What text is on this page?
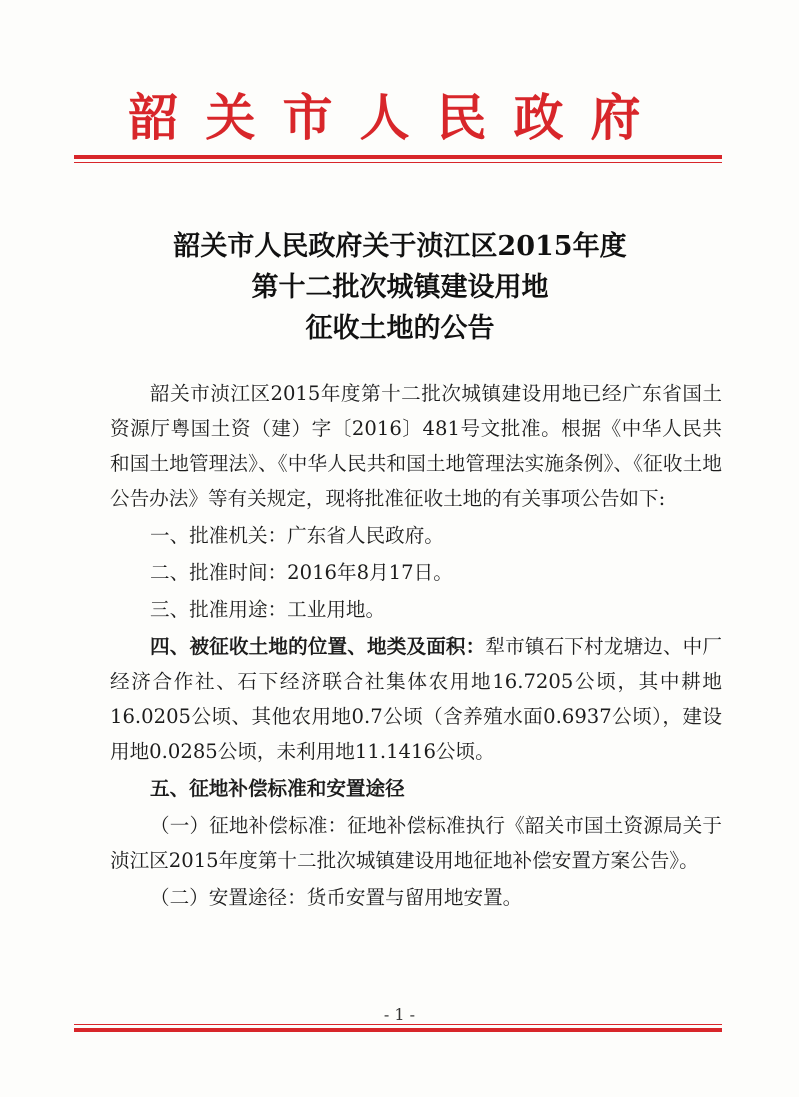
韶关市人民政府
韶关市人民政府关于浈江区2015年度
第十二批次城镇建设用地
征收土地的公告

韶关市浈江区2015年度第十二批次城镇建设用地已经广东省国土资源厅粤国土资（建）字〔2016〕481号文批准。根据《中华人民共和国土地管理法》、《中华人民共和国土地管理法实施条例》、《征收土地公告办法》等有关规定，现将批准征收土地的有关事项公告如下:

一、批准机关：广东省人民政府。

二、批准时间：2016年8月17日。

三、批准用途：工业用地。

四、被征收土地的位置、地类及面积：犁市镇石下村龙塘边、中厂经济合作社、石下经济联合社集体农用地16.7205公顷，其中耕地16.0205公顷、其他农用地0.7公顷（含养殖水面0.6937公顷），建设用地0.0285公顷，未利用地11.1416公顷。

五、征地补偿标准和安置途径

（一）征地补偿标准：征地补偿标准执行《韶关市国土资源局关于浈江区2015年度第十二批次城镇建设用地征地补偿安置方案公告》。

（二）安置途径：货币安置与留用地安置。

- 1 -
